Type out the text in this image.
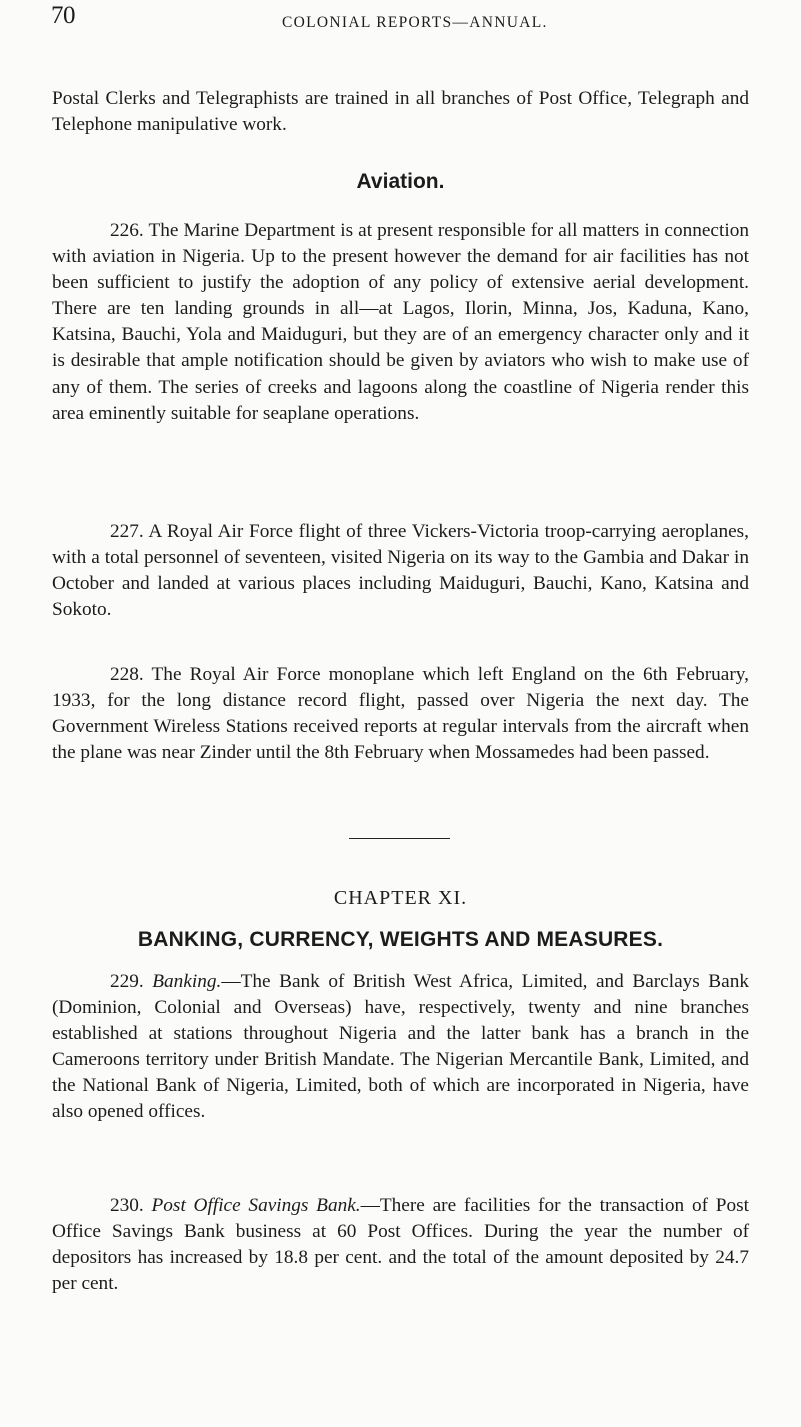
70	COLONIAL REPORTS—ANNUAL.

Postal Clerks and Telegraphists are trained in all branches of Post Office, Telegraph and Telephone manipulative work.

Aviation.

226. The Marine Department is at present responsible for all matters in connection with aviation in Nigeria. Up to the present however the demand for air facilities has not been sufficient to justify the adoption of any policy of extensive aerial development. There are ten landing grounds in all—at Lagos, Ilorin, Minna, Jos, Kaduna, Kano, Katsina, Bauchi, Yola and Maiduguri, but they are of an emergency character only and it is desirable that ample notification should be given by aviators who wish to make use of any of them. The series of creeks and lagoons along the coastline of Nigeria render this area eminently suitable for seaplane operations.

227. A Royal Air Force flight of three Vickers-Victoria troop-carrying aeroplanes, with a total personnel of seventeen, visited Nigeria on its way to the Gambia and Dakar in October and landed at various places including Maiduguri, Bauchi, Kano, Katsina and Sokoto.

228. The Royal Air Force monoplane which left England on the 6th February, 1933, for the long distance record flight, passed over Nigeria the next day. The Government Wireless Stations received reports at regular intervals from the aircraft when the plane was near Zinder until the 8th February when Mossamedes had been passed.

CHAPTER XI.
BANKING, CURRENCY, WEIGHTS AND MEASURES.

229. Banking.—The Bank of British West Africa, Limited, and Barclays Bank (Dominion, Colonial and Overseas) have, respectively, twenty and nine branches established at stations throughout Nigeria and the latter bank has a branch in the Cameroons territory under British Mandate. The Nigerian Mercantile Bank, Limited, and the National Bank of Nigeria, Limited, both of which are incorporated in Nigeria, have also opened offices.

230. Post Office Savings Bank.—There are facilities for the transaction of Post Office Savings Bank business at 60 Post Offices. During the year the number of depositors has increased by 18.8 per cent. and the total of the amount deposited by 24.7 per cent.
